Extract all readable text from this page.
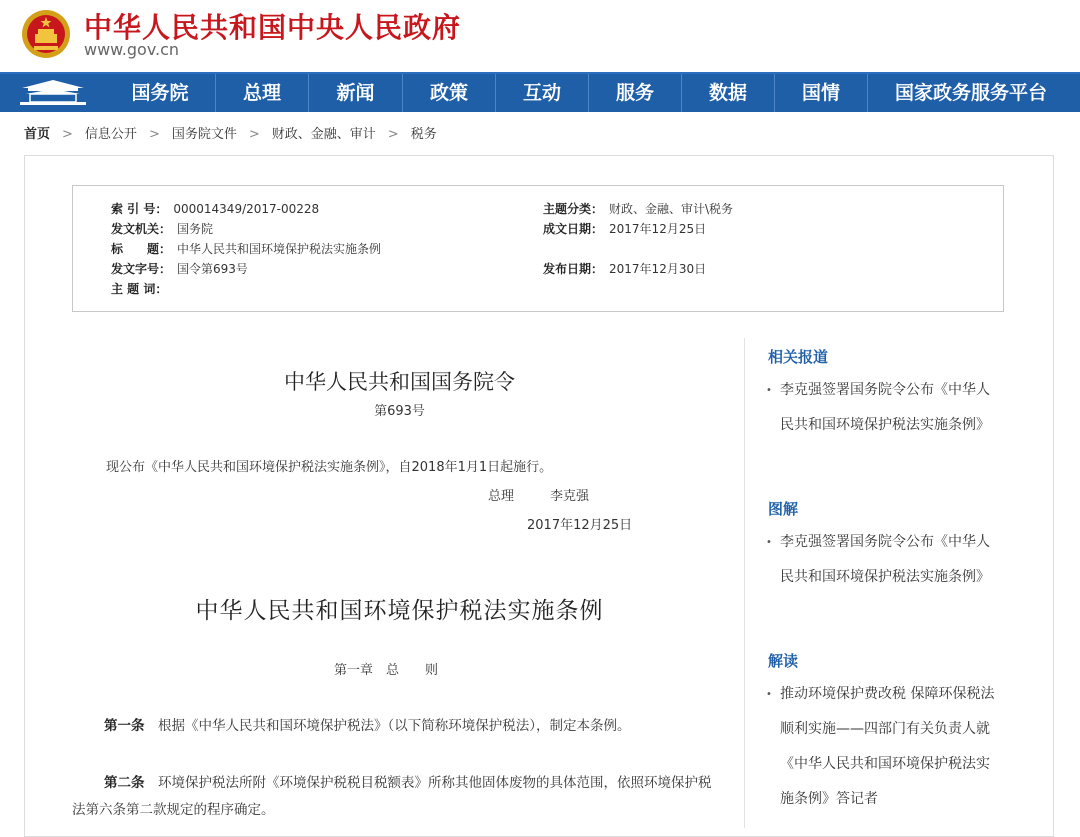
中华人民共和国中央人民政府
www.gov.cn
国务院	总理	新闻	政策	互动	服务	数据	国情	国家政务服务平台
首页 > 信息公开 > 国务院文件 > 财政、金融、审计 > 税务
索 引 号： 000014349/2017-00228	主题分类： 财政、金融、审计\税务
发文机关： 国务院	成文日期： 2017年12月25日
标　　题： 中华人民共和国环境保护税法实施条例
发文字号： 国令第693号	发布日期： 2017年12月30日
主 题 词：
中华人民共和国国务院令
第693号
现公布《中华人民共和国环境保护税法实施条例》，自2018年1月1日起施行。
总理	李克强
2017年12月25日
中华人民共和国环境保护税法实施条例
第一章　总　　则
第一条　根据《中华人民共和国环境保护税法》（以下简称环境保护税法），制定本条例。
第二条　环境保护税法所附《环境保护税税目税额表》所称其他固体废物的具体范围，依照环境保护税法第六条第二款规定的程序确定。
相关报道
• 李克强签署国务院令公布《中华人民共和国环境保护税法实施条例》
图解
• 李克强签署国务院令公布《中华人民共和国环境保护税法实施条例》
解读
• 推动环境保护费改税 保障环保税法顺利实施——四部门有关负责人就《中华人民共和国环境保护税法实施条例》答记者
